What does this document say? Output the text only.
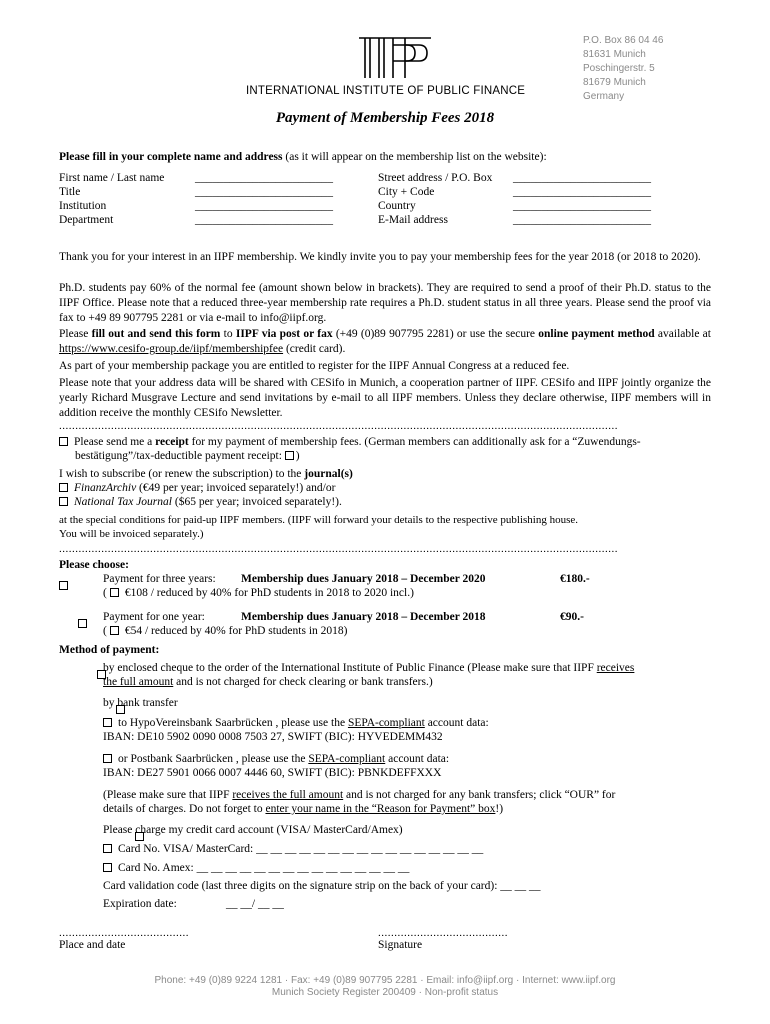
P.O. Box 86 04 46
81631 Munich
Poschingerstr. 5
81679 Munich
Germany
INTERNATIONAL INSTITUTE OF PUBLIC FINANCE
Payment of Membership Fees 2018
Please fill in your complete name and address (as it will appear on the membership list on the website):
First name / Last name	________________________
Title	________________________
Institution	________________________
Department	________________________
Street address / P.O. Box ________________________
City + Code	________________________
Country	________________________
E-Mail address	________________________
Thank you for your interest in an IIPF membership. We kindly invite you to pay your membership fees for the year 2018 (or 2018 to 2020).
Ph.D. students pay 60% of the normal fee (amount shown below in brackets). They are required to send a proof of their Ph.D. status to the IIPF Office. Please note that a reduced three-year membership rate requires a Ph.D. student status in all three years. Please send the proof via fax to +49 89 907795 2281 or via e-mail to info@iipf.org.
Please fill out and send this form to IIPF via post or fax (+49 (0)89 907795 2281) or use the secure online payment method available at https://www.cesifo-group.de/iipf/membershipfee (credit card).
As part of your membership package you are entitled to register for the IIPF Annual Congress at a reduced fee.
Please note that your address data will be shared with CESifo in Munich, a cooperation partner of IIPF. CESifo and IIPF jointly organize the yearly Richard Musgrave Lecture and send invitations by e-mail to all IIPF members. Unless they declare otherwise, IIPF members will in addition receive the monthly CESifo Newsletter.
............................................................................................................................................................................
Please send me a receipt for my payment of membership fees. (German members can additionally ask for a “Zuwendungs-
bestätigung”/tax-deductible payment receipt: )
I wish to subscribe (or renew the subscription) to the journal(s)
FinanzArchiv (€49 per year; invoiced separately!) and/or
National Tax Journal ($65 per year; invoiced separately!).
at the special conditions for paid-up IIPF members. (IIPF will forward your details to the respective publishing house.
You will be invoiced separately.)
............................................................................................................................................................................
Please choose:

Payment for three years: Membership dues January 2018 – December 2020	€180.-
( €108 / reduced by 40% for PhD students in 2018 to 2020 incl.)

Payment for one year:	Membership dues January 2018 – December 2018	€90.-
( €54 / reduced by 40% for PhD students in 2018)
Method of payment:

by enclosed cheque to the order of the International Institute of Public Finance (Please make sure that IIPF receives
the full amount and is not charged for check clearing or bank transfers.)

by bank transfer
to HypoVereinsbank Saarbrücken , please use the SEPA-compliant account data:
IBAN: DE10 5902 0090 0008 7503 27, SWIFT (BIC): HYVEDEMM432
or Postbank Saarbrücken , please use the SEPA-compliant account data:
IBAN: DE27 5901 0066 0007 4446 60, SWIFT (BIC): PBNKDEFFXXX
(Please make sure that IIPF receives the full amount and is not charged for any bank transfers; click “OUR” for
details of charges. Do not forget to enter your name in the “Reason for Payment” box!)
Please charge my credit card account (VISA/ MasterCard/Amex)
Card No. VISA/ MasterCard: __ __ __ __ __ __ __ __ __ __ __ __ __ __ __ __
Card No. Amex: __ __ __ __ __ __ __ __ __ __ __ __ __ __ __
Card validation code (last three digits on the signature strip on the back of your card): __ __ __
Expiration date:	__ __/ __ __
........................................	........................................
Place and date	Signature
Phone: +49 (0)89 9224 1281 · Fax: +49 (0)89 907795 2281 · Email: info@iipf.org · Internet: www.iipf.org
Munich Society Register 200409 · Non-profit status
